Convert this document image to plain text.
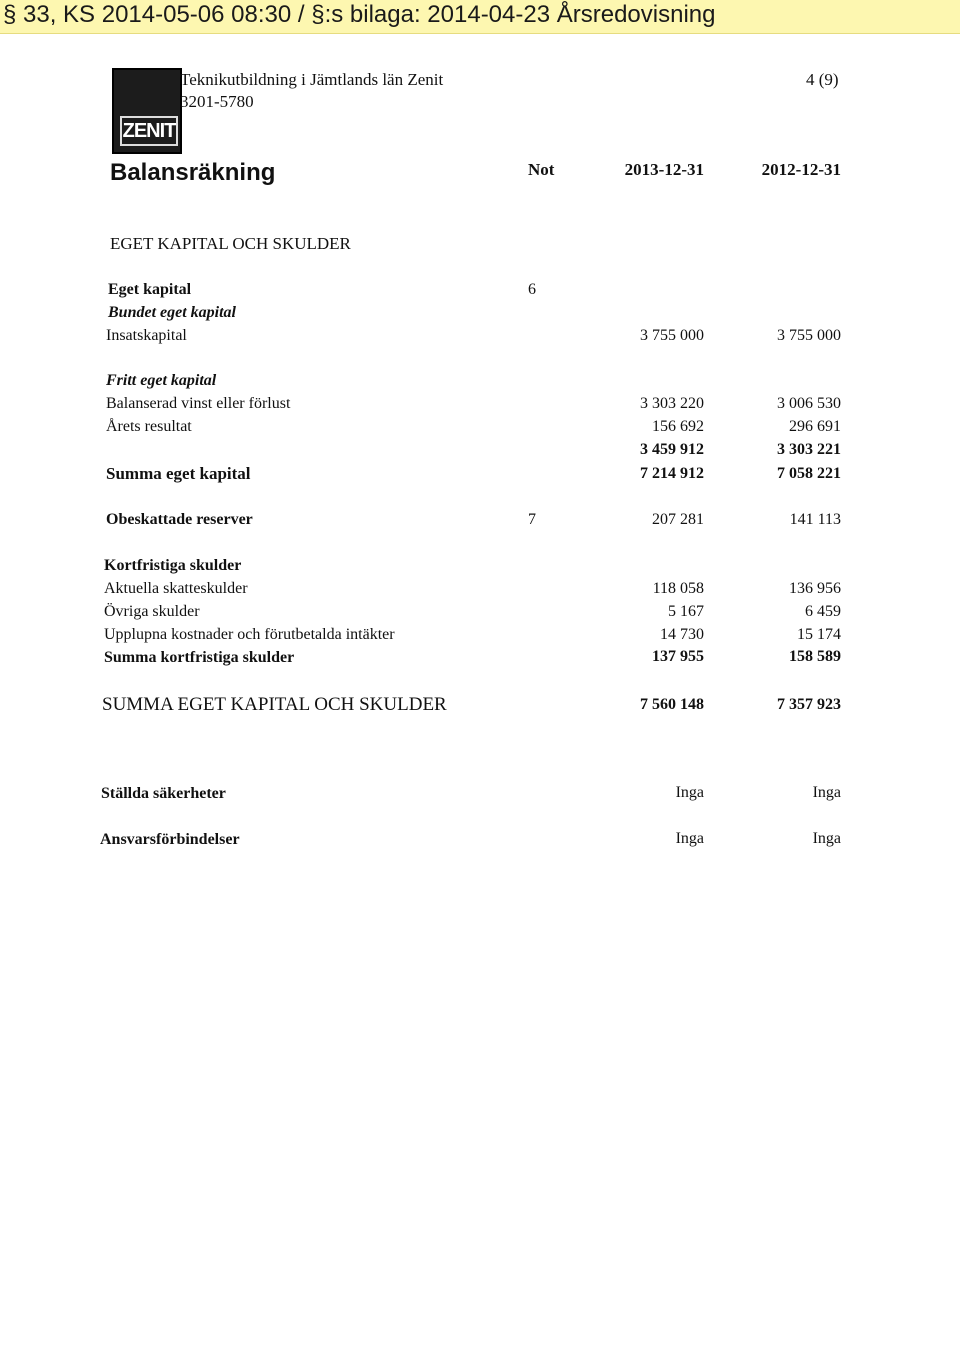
§ 33, KS 2014-05-06 08:30 / §:s bilaga: 2014-04-23 Årsredovisning
ZENIT
Teknikutbildning i Jämtlands län Zenit
3201-5780
4 (9)
Balansräkning	Not	2013-12-31	2012-12-31
EGET KAPITAL OCH SKULDER
Eget kapital	6
Bundet eget kapital
Insatskapital	3 755 000	3 755 000
Fritt eget kapital
Balanserad vinst eller förlust	3 303 220	3 006 530
Årets resultat	156 692	296 691
3 459 912	3 303 221
Summa eget kapital	7 214 912	7 058 221
Obeskattade reserver	7	207 281	141 113
Kortfristiga skulder
Aktuella skatteskulder	118 058	136 956
Övriga skulder	5 167	6 459
Upplupna kostnader och förutbetalda intäkter	14 730	15 174
Summa kortfristiga skulder	137 955	158 589
SUMMA EGET KAPITAL OCH SKULDER	7 560 148	7 357 923
Ställda säkerheter	Inga	Inga
Ansvarsförbindelser	Inga	Inga
